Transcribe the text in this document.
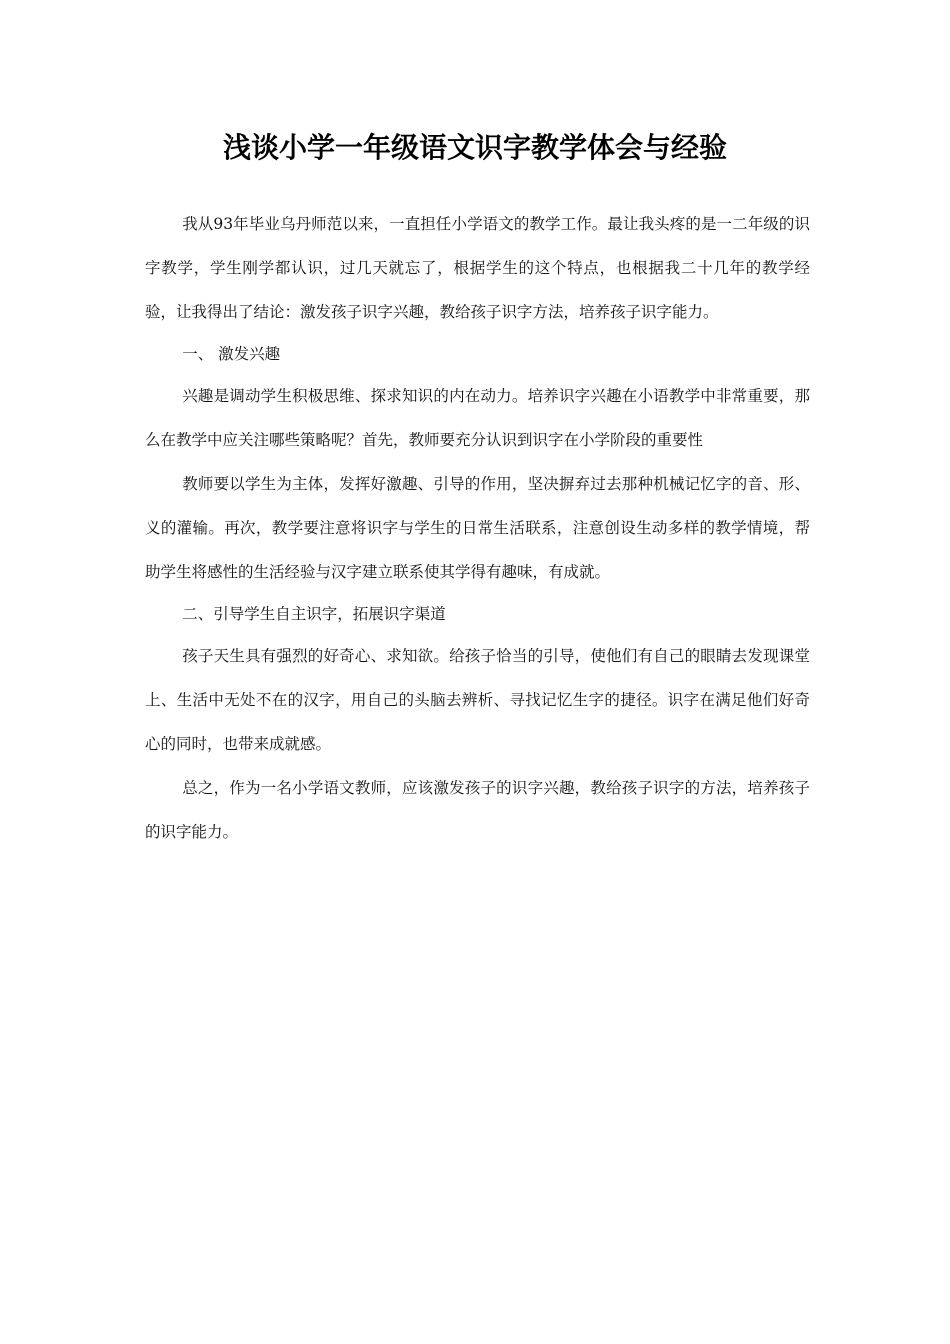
浅谈小学一年级语文识字教学体会与经验

我从93年毕业乌丹师范以来，一直担任小学语文的教学工作。最让我头疼的是一二年级的识字教学，学生刚学都认识，过几天就忘了，根据学生的这个特点，也根据我二十几年的教学经验，让我得出了结论：激发孩子识字兴趣，教给孩子识字方法，培养孩子识字能力。

一、 激发兴趣

兴趣是调动学生积极思维、探求知识的内在动力。培养识字兴趣在小语教学中非常重要，那么在教学中应关注哪些策略呢？首先，教师要充分认识到识字在小学阶段的重要性

教师要以学生为主体，发挥好激趣、引导的作用，坚决摒弃过去那种机械记忆字的音、形、义的灌输。再次，教学要注意将识字与学生的日常生活联系，注意创设生动多样的教学情境，帮助学生将感性的生活经验与汉字建立联系使其学得有趣味，有成就。

二、引导学生自主识字，拓展识字渠道

孩子天生具有强烈的好奇心、求知欲。给孩子恰当的引导，使他们有自己的眼睛去发现课堂上、生活中无处不在的汉字，用自己的头脑去辨析、寻找记忆生字的捷径。识字在满足他们好奇心的同时，也带来成就感。

总之，作为一名小学语文教师，应该激发孩子的识字兴趣，教给孩子识字的方法，培养孩子的识字能力。
